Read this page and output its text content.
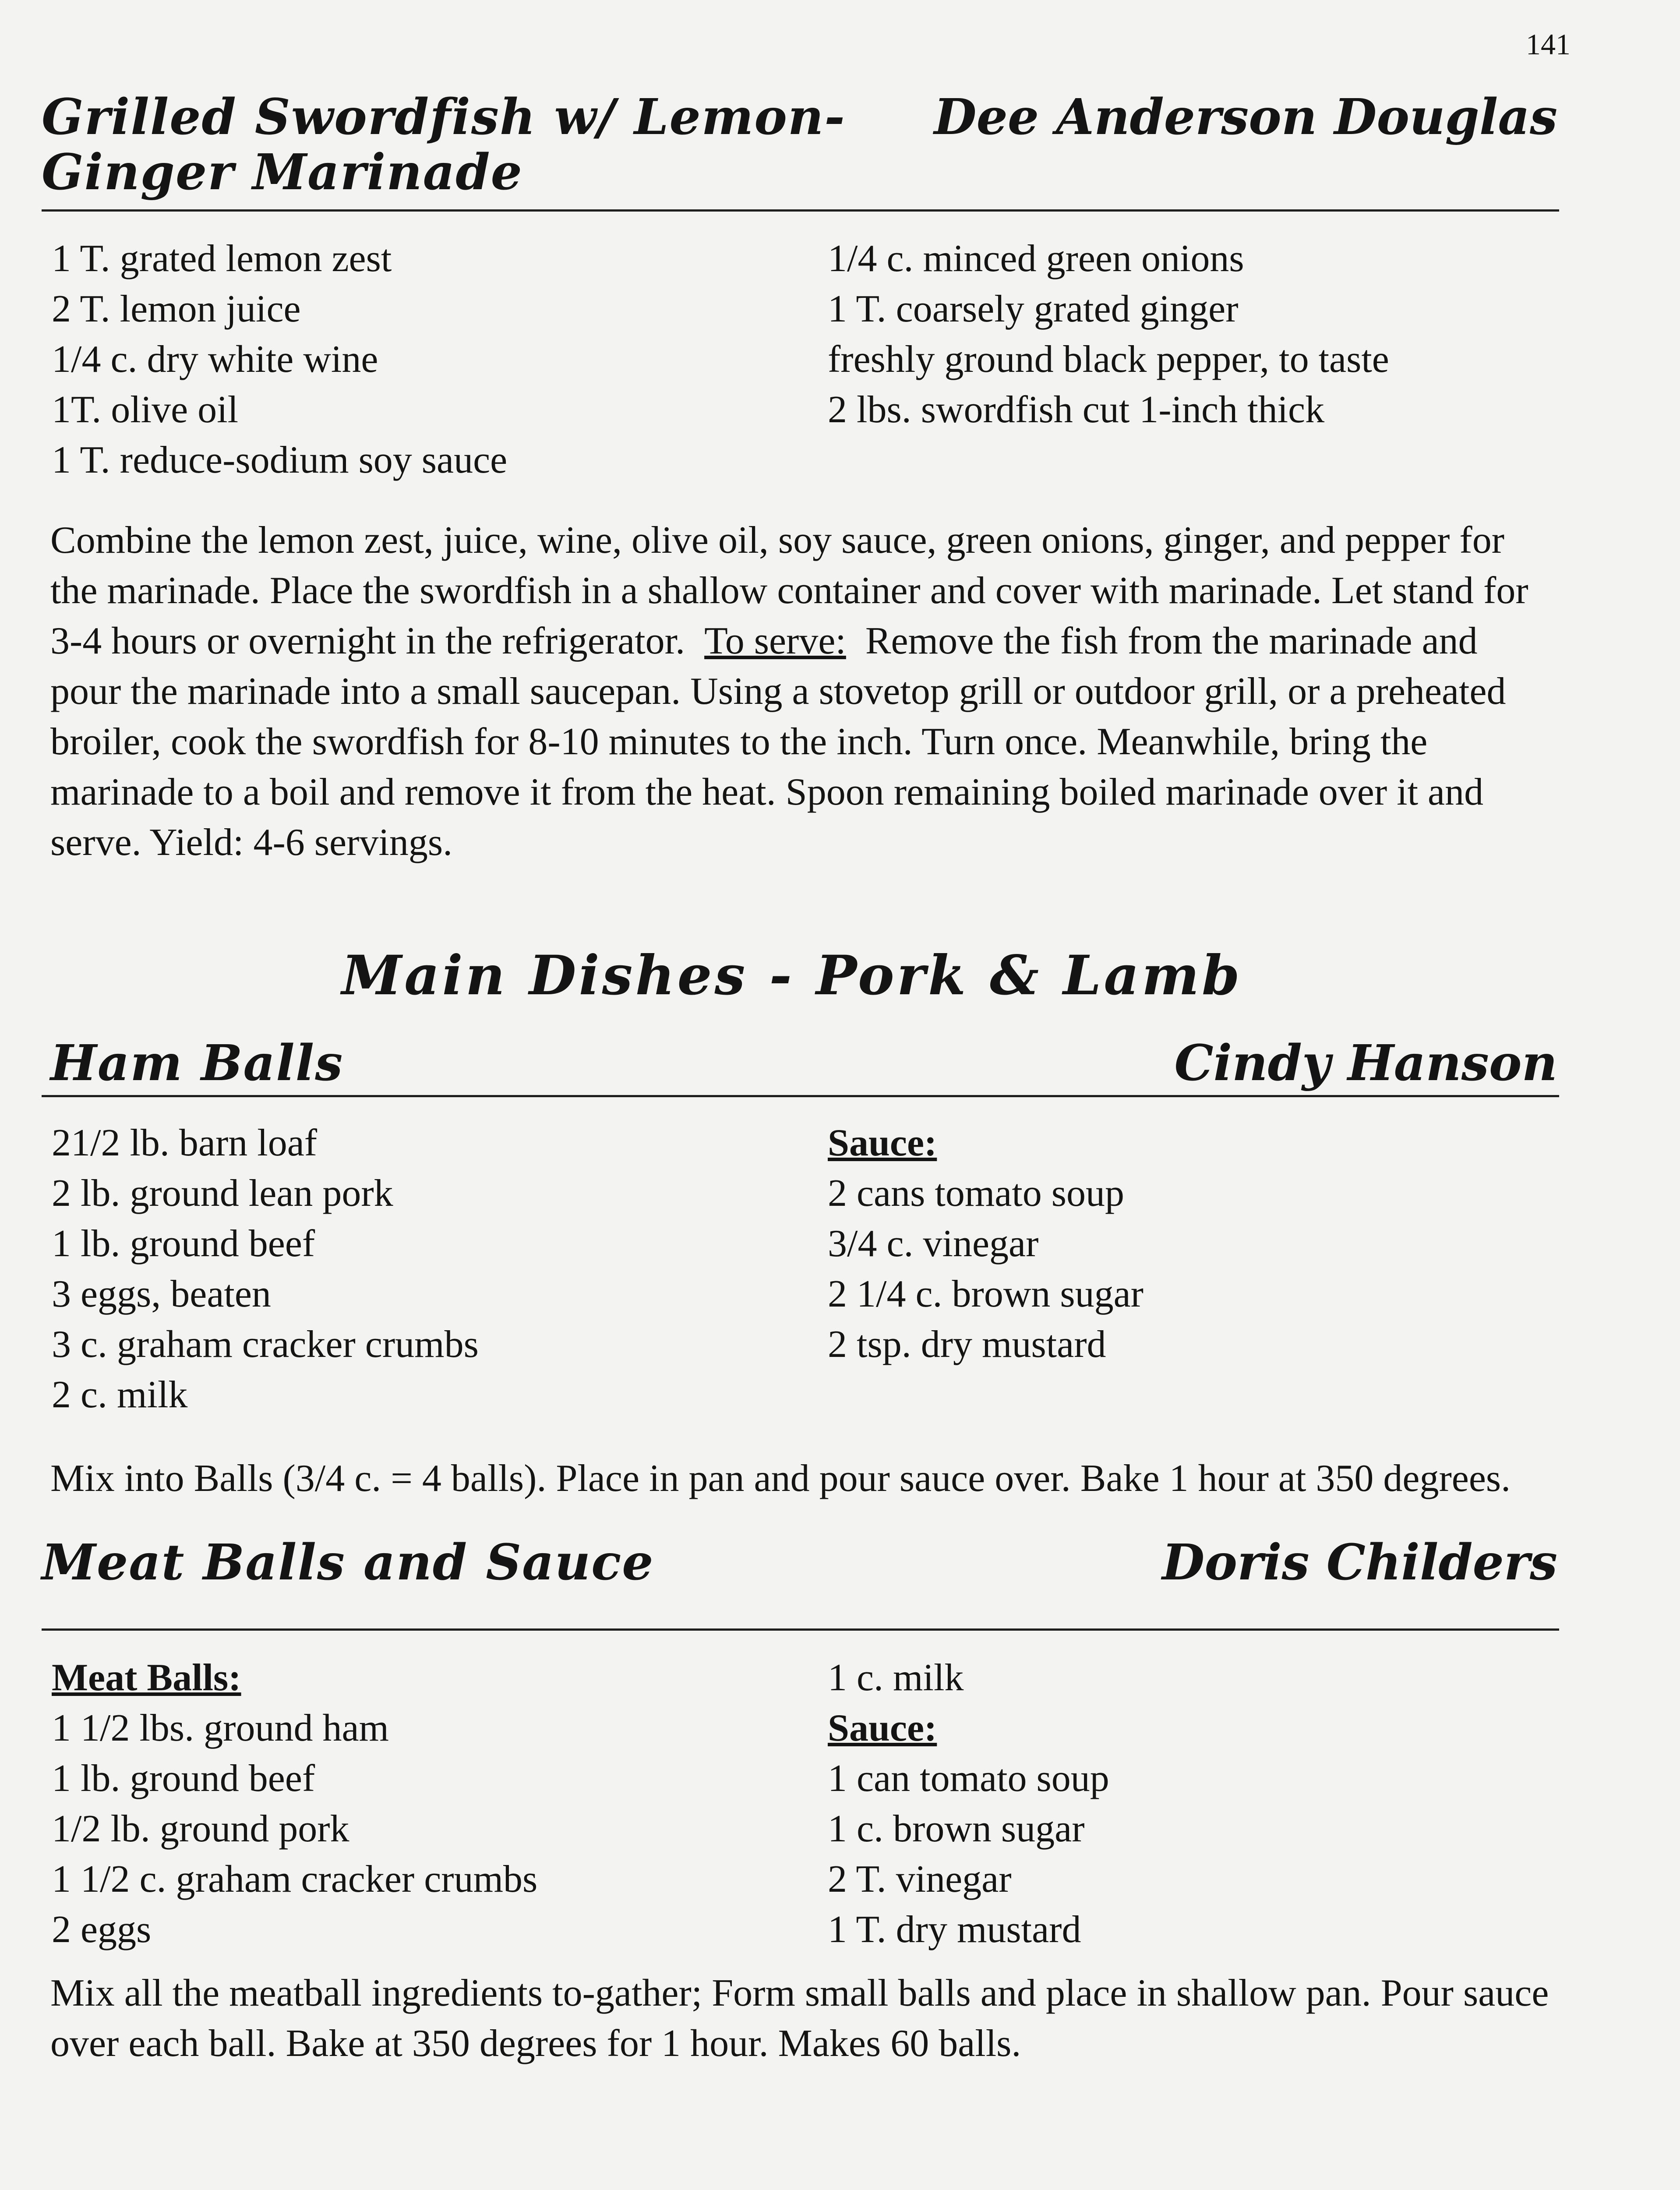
141
Grilled Swordfish w/ Lemon-
Ginger Marinade
Dee Anderson Douglas
1 T. grated lemon zest
2 T. lemon juice
1/4 c. dry white wine
1T. olive oil
1 T. reduce-sodium soy sauce
1/4 c. minced green onions
1 T. coarsely grated ginger
freshly ground black pepper, to taste
2 lbs. swordfish cut 1-inch thick
Combine the lemon zest, juice, wine, olive oil, soy sauce, green onions, ginger, and pepper for the marinade. Place the swordfish in a shallow container and cover with marinade. Let stand for 3-4 hours or overnight in the refrigerator. To serve: Remove the fish from the marinade and pour the marinade into a small saucepan. Using a stovetop grill or outdoor grill, or a preheated broiler, cook the swordfish for 8-10 minutes to the inch. Turn once. Meanwhile, bring the marinade to a boil and remove it from the heat. Spoon remaining boiled marinade over it and serve. Yield: 4-6 servings.
Main Dishes - Pork & Lamb
Ham Balls	Cindy Hanson
21/2 lb. barn loaf
2 lb. ground lean pork
1 lb. ground beef
3 eggs, beaten
3 c. graham cracker crumbs
2 c. milk
Sauce:
2 cans tomato soup
3/4 c. vinegar
2 1/4 c. brown sugar
2 tsp. dry mustard
Mix into Balls (3/4 c. = 4 balls). Place in pan and pour sauce over. Bake 1 hour at 350 degrees.
Meat Balls and Sauce	Doris Childers
Meat Balls:
1 1/2 lbs. ground ham
1 lb. ground beef
1/2 lb. ground pork
1 1/2 c. graham cracker crumbs
2 eggs
1 c. milk
Sauce:
1 can tomato soup
1 c. brown sugar
2 T. vinegar
1 T. dry mustard
Mix all the meatball ingredients to-gather; Form small balls and place in shallow pan. Pour sauce over each ball. Bake at 350 degrees for 1 hour. Makes 60 balls.
